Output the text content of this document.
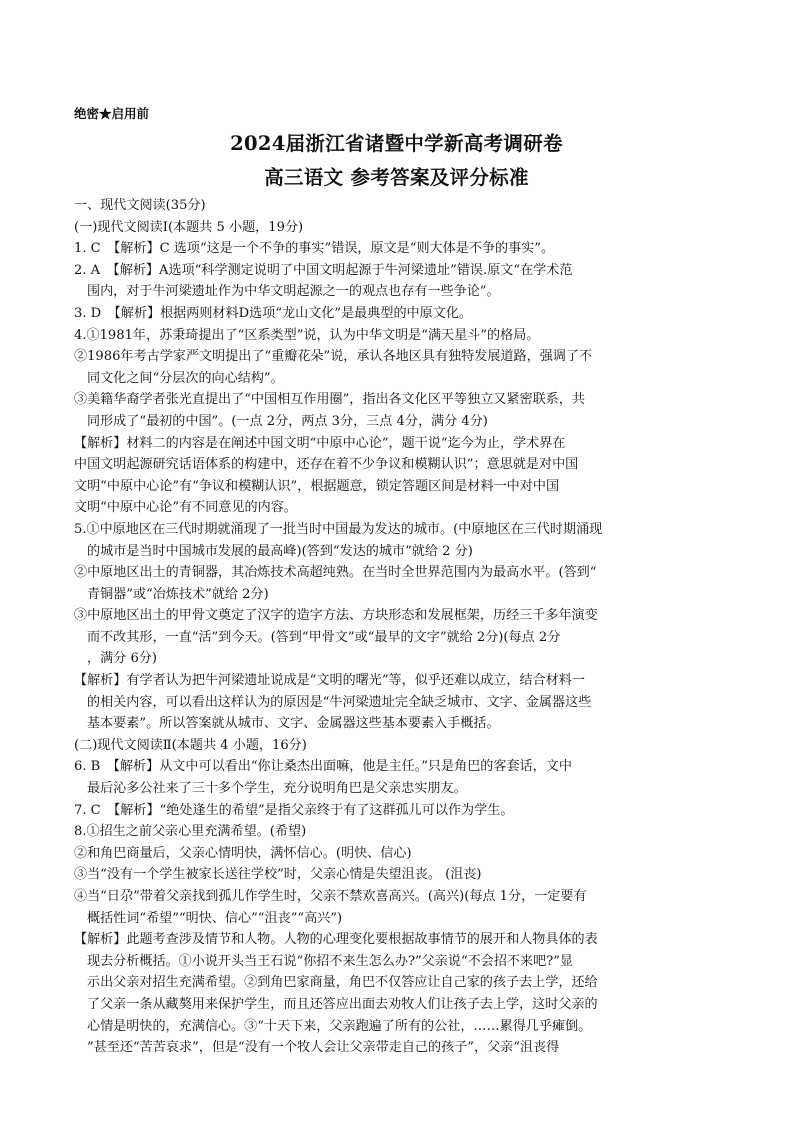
绝密★启用前
2024届浙江省诸暨中学新高考调研卷
高三语文 参考答案及评分标准
一、现代文阅读(35分)
(一)现代文阅读Ⅰ(本题共 5 小题，19分)
1. C　【解析】C 选项“这是一个不争的事实”错误，原文是“则大体是不争的事实”。
2. A　【解析】A选项“科学测定说明了中国文明起源于牛河梁遗址”错误.原文“在学术范
围内，对于牛河梁遗址作为中华文明起源之一的观点也存有一些争论”。
3. D　【解析】根据两则材料D选项“龙山文化”是最典型的中原文化。
4.①1981年，苏秉琦提出了“区系类型”说，认为中华文明是“满天星斗”的格局。
②1986年考古学家严文明提出了“重瓣花朵”说，承认各地区具有独特发展道路，强调了不
同文化之间“分层次的向心结构”。
③美籍华裔学者张光直提出了“中国相互作用圈”，指出各文化区平等独立又紧密联系，共
同形成了“最初的中国”。(一点 2分，两点 3分，三点 4分，满分 4分)
【解析】材料二的内容是在阐述中国文明“中原中心论”，题干说“迄今为止，学术界在
中国文明起源研究话语体系的构建中，还存在着不少争议和模糊认识”；意思就是对中国
文明“中原中心论”有“争议和模糊认识”，根据题意，锁定答题区间是材料一中对中国
文明“中原中心论”有不同意见的内容。
5.①中原地区在三代时期就涌现了一批当时中国最为发达的城市。(中原地区在三代时期涌现
的城市是当时中国城市发展的最高峰)(答到“发达的城市”就给 2 分)
②中原地区出土的青铜器，其冶炼技术高超纯熟。在当时全世界范围内为最高水平。(答到“
青铜器”或“冶炼技术”就给 2分)
③中原地区出土的甲骨文奠定了汉字的造字方法、方块形态和发展框架，历经三千多年演变
而不改其形，一直“活”到今天。(答到“甲骨文”或“最早的文字”就给 2分)(每点 2分
，满分 6分)
【解析】有学者认为把牛河梁遗址说成是“文明的曙光”等，似乎还难以成立，结合材料一
的相关内容，可以看出这样认为的原因是“牛河梁遗址完全缺乏城市、文字、金属器这些
基本要素”。所以答案就从城市、文字、金属器这些基本要素入手概括。
(二)现代文阅读Ⅱ(本题共 4 小题，16分)
6. B　【解析】从文中可以看出“你让桑杰出面嘛，他是主任。”只是角巴的客套话，文中
最后沁多公社来了三十多个学生，充分说明角巴是父亲忠实朋友。
7. C　【解析】“绝处逢生的希望”是指父亲终于有了这群孤儿可以作为学生。
8.①招生之前父亲心里充满希望。(希望)
②和角巴商量后，父亲心情明快，满怀信心。(明快、信心)
③当“没有一个学生被家长送往学校”时，父亲心情是失望沮丧。 (沮丧)
④当“日尕”带着父亲找到孤儿作学生时，父亲不禁欢喜高兴。(高兴)(每点 1分，一定要有
概括性词“希望”“明快、信心”“沮丧”“高兴”)
【解析】此题考查涉及情节和人物。人物的心理变化要根据故事情节的展开和人物具体的表
现去分析概括。①小说开头当王石说“你招不来生怎么办?”父亲说“不会招不来吧?”显
示出父亲对招生充满希望。②到角巴家商量，角巴不仅答应让自己家的孩子去上学，还给
了父亲一条从藏獒用来保护学生，而且还答应出面去劝牧人们让孩子去上学，这时父亲的
心情是明快的，充满信心。③“十天下来，父亲跑遍了所有的公社，……累得几乎瘫倒。
”甚至还“苦苦哀求”，但是“没有一个牧人会让父亲带走自己的孩子”，父亲“沮丧得
